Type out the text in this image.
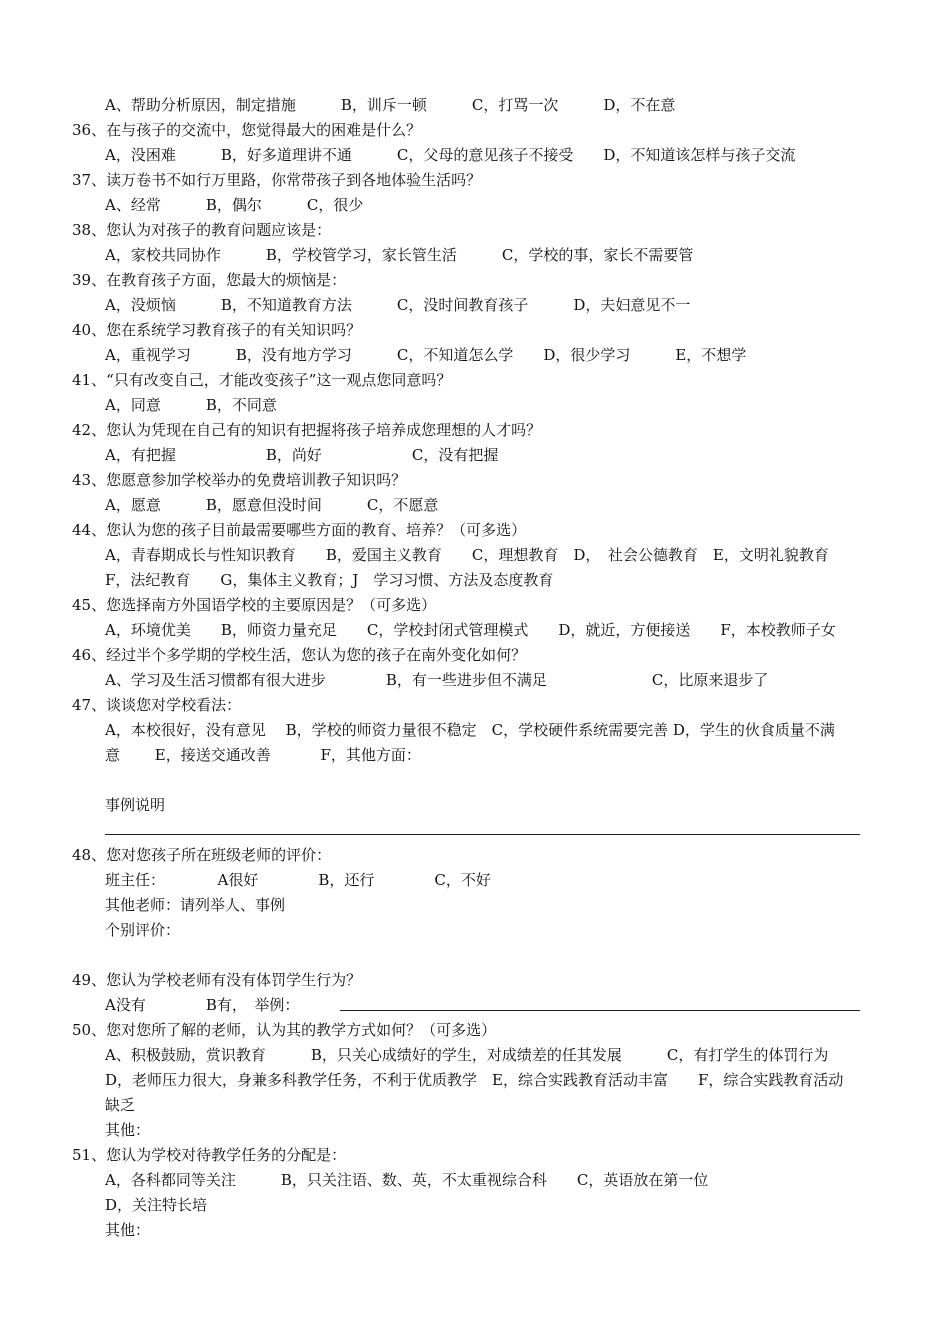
A、帮助分析原因，制定措施　　　B，训斥一顿　　　C，打骂一次　　　D，不在意
36、在与孩子的交流中，您觉得最大的困难是什么？
A，没困难　　　B，好多道理讲不通　　　C，父母的意见孩子不接受　　D，不知道该怎样与孩子交流
37、读万卷书不如行万里路，你常带孩子到各地体验生活吗？
A、经常　　　B，偶尔　　　C，很少
38、您认为对孩子的教育问题应该是：
A，家校共同协作　　　B，学校管学习，家长管生活　　　C，学校的事，家长不需要管
39、在教育孩子方面，您最大的烦恼是：
A，没烦恼　　　B，不知道教育方法　　　C，没时间教育孩子　　　D，夫妇意见不一
40、您在系统学习教育孩子的有关知识吗？
A，重视学习　　　B，没有地方学习　　　C，不知道怎么学　　D，很少学习　　　E，不想学
41、“只有改变自己，才能改变孩子”这一观点您同意吗？
A，同意　　　B，不同意
42、您认为凭现在自己有的知识有把握将孩子培养成您理想的人才吗？
A，有把握　　　　　　B，尚好　　　　　　C，没有把握
43、您愿意参加学校举办的免费培训教子知识吗？
A，愿意　　　B，愿意但没时间　　　C，不愿意
44、您认为您的孩子目前最需要哪些方面的教育、培养？（可多选）
A，青春期成长与性知识教育　　B，爱国主义教育　　C，理想教育　D，　社会公德教育　E，文明礼貌教育
F，法纪教育　　G，集体主义教育；J　学习习惯、方法及态度教育
45、您选择南方外国语学校的主要原因是？（可多选）
A，环境优美　　B，师资力量充足　　C，学校封闭式管理模式　　D，就近，方便接送　　F，本校教师子女
46、经过半个多学期的学校生活，您认为您的孩子在南外变化如何？
A、学习及生活习惯都有很大进步　　　　B，有一些进步但不满足　　　　　　　C，比原来退步了
47、谈谈您对学校看法：
A，本校很好，没有意见　 B，学校的师资力量很不稳定　C，学校硬件系统需要完善 D，学生的伙食质量不满
意　　 E，接送交通改善　　　 F，其他方面：
事例说明
48、您对您孩子所在班级老师的评价：
班主任：　　　　A很好　　　　B，还行　　　　C，不好
其他老师：请列举人、事例
个别评价：
49、您认为学校老师有没有体罚学生行为？
A没有　　　　B有，　举例：
50、您对您所了解的老师，认为其的教学方式如何？（可多选）
A、积极鼓励，赏识教育　　　B，只关心成绩好的学生，对成绩差的任其发展　　　C，有打学生的体罚行为
D，老师压力很大，身兼多科教学任务，不利于优质教学　E，综合实践教育活动丰富　　F，综合实践教育活动
缺乏
其他：
51、您认为学校对待教学任务的分配是：
A，各科都同等关注　　　B，只关注语、数、英，不太重视综合科　　C，英语放在第一位
D，关注特长培
其他：
